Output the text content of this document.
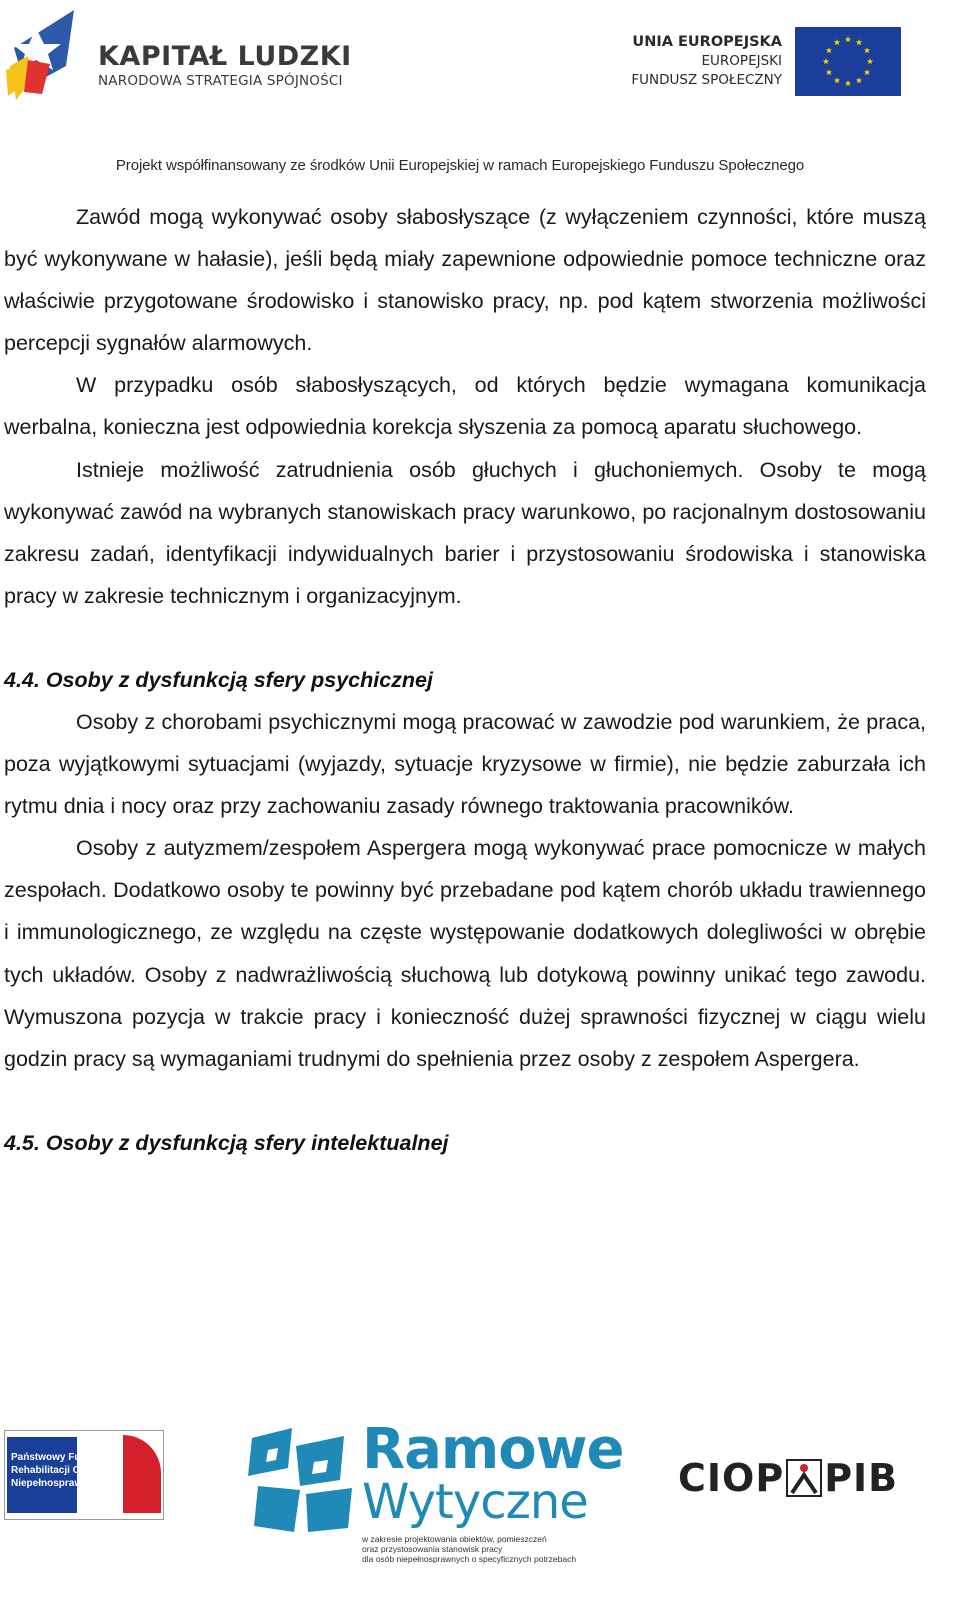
KAPITAŁ LUDZKI
NARODOWA STRATEGIA SPÓJNOŚCI
UNIA EUROPEJSKA
EUROPEJSKI
FUNDUSZ SPOŁECZNY
Projekt współfinansowany ze środków Unii Europejskiej w ramach Europejskiego Funduszu Społecznego

Zawód mogą wykonywać osoby słabosłyszące (z wyłączeniem czynności, które muszą być wykonywane w hałasie), jeśli będą miały zapewnione odpowiednie pomoce techniczne oraz właściwie przygotowane środowisko i stanowisko pracy, np. pod kątem stworzenia możliwości percepcji sygnałów alarmowych.

W przypadku osób słabosłyszących, od których będzie wymagana komunikacja werbalna, konieczna jest odpowiednia korekcja słyszenia za pomocą aparatu słuchowego.

Istnieje możliwość zatrudnienia osób głuchych i głuchoniemych. Osoby te mogą wykonywać zawód na wybranych stanowiskach pracy warunkowo, po racjonalnym dostosowaniu zakresu zadań, identyfikacji indywidualnych barier i przystosowaniu środowiska i stanowiska pracy w zakresie technicznym i organizacyjnym.

4.4. Osoby z dysfunkcją sfery psychicznej

Osoby z chorobami psychicznymi mogą pracować w zawodzie pod warunkiem, że praca, poza wyjątkowymi sytuacjami (wyjazdy, sytuacje kryzysowe w firmie), nie będzie zaburzała ich rytmu dnia i nocy oraz przy zachowaniu zasady równego traktowania pracowników.

Osoby z autyzmem/zespołem Aspergera mogą wykonywać prace pomocnicze w małych zespołach. Dodatkowo osoby te powinny być przebadane pod kątem chorób układu trawiennego i immunologicznego, ze względu na częste występowanie dodatkowych dolegliwości w obrębie tych układów. Osoby z nadwrażliwością słuchową lub dotykową powinny unikać tego zawodu. Wymuszona pozycja w trakcie pracy i konieczność dużej sprawności fizycznej w ciągu wielu godzin pracy są wymaganiami trudnymi do spełnienia przez osoby z zespołem Aspergera.

4.5. Osoby z dysfunkcją sfery intelektualnej

Państwowy Fundusz
Rehabilitacji Osób
Niepełnosprawnych
Ramowe
Wytyczne
w zakresie projektowania obiektów, pomieszczeń
oraz przystosowania stanowisk pracy
dla osób niepełnosprawnych o specyficznych potrzebach
CIOP PIB
